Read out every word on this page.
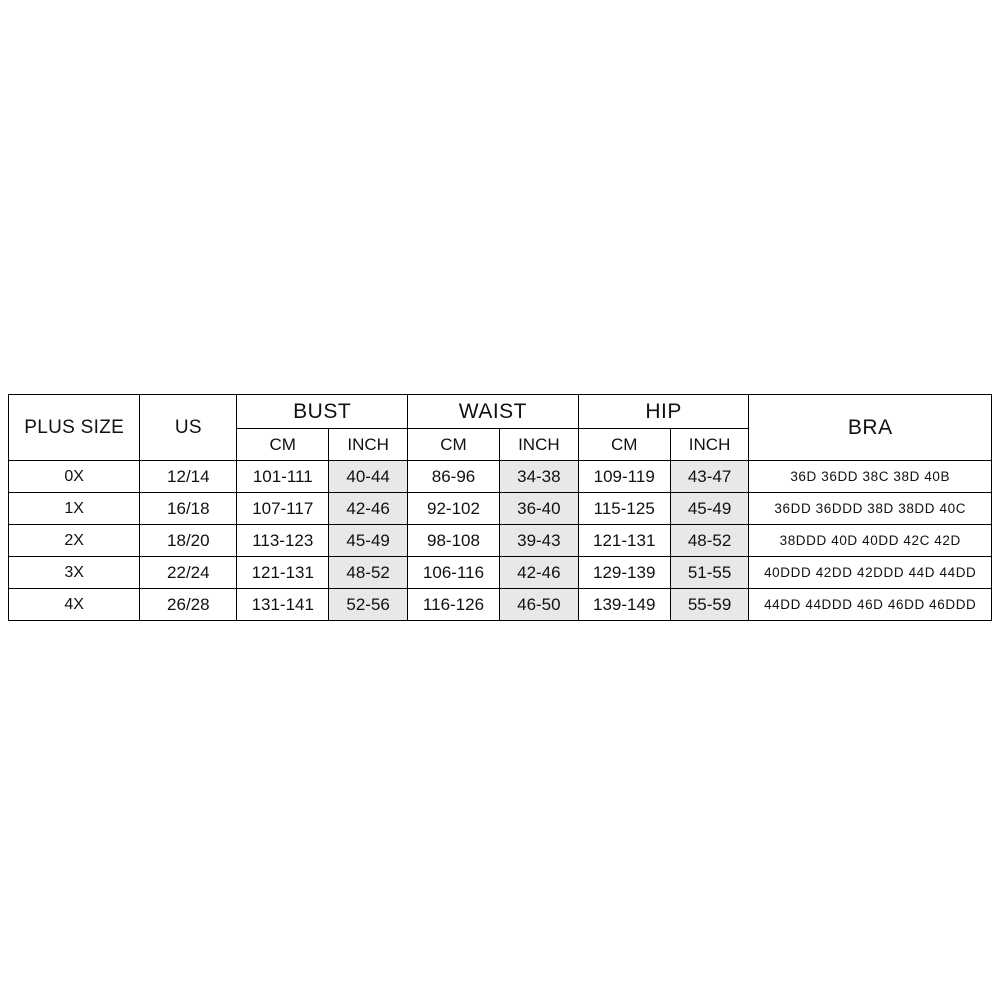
PLUS SIZE	US	BUST		WAIST		HIP		BRA
		CM	INCH	CM	INCH	CM	INCH	
0X	12/14	101-111	40-44	86-96	34-38	109-119	43-47	36D 36DD 38C 38D 40B
1X	16/18	107-117	42-46	92-102	36-40	115-125	45-49	36DD 36DDD 38D 38DD 40C
2X	18/20	113-123	45-49	98-108	39-43	121-131	48-52	38DDD 40D 40DD 42C 42D
3X	22/24	121-131	48-52	106-116	42-46	129-139	51-55	40DDD 42DD 42DDD 44D 44DD
4X	26/28	131-141	52-56	116-126	46-50	139-149	55-59	44DD 44DDD 46D 46DD 46DDD
